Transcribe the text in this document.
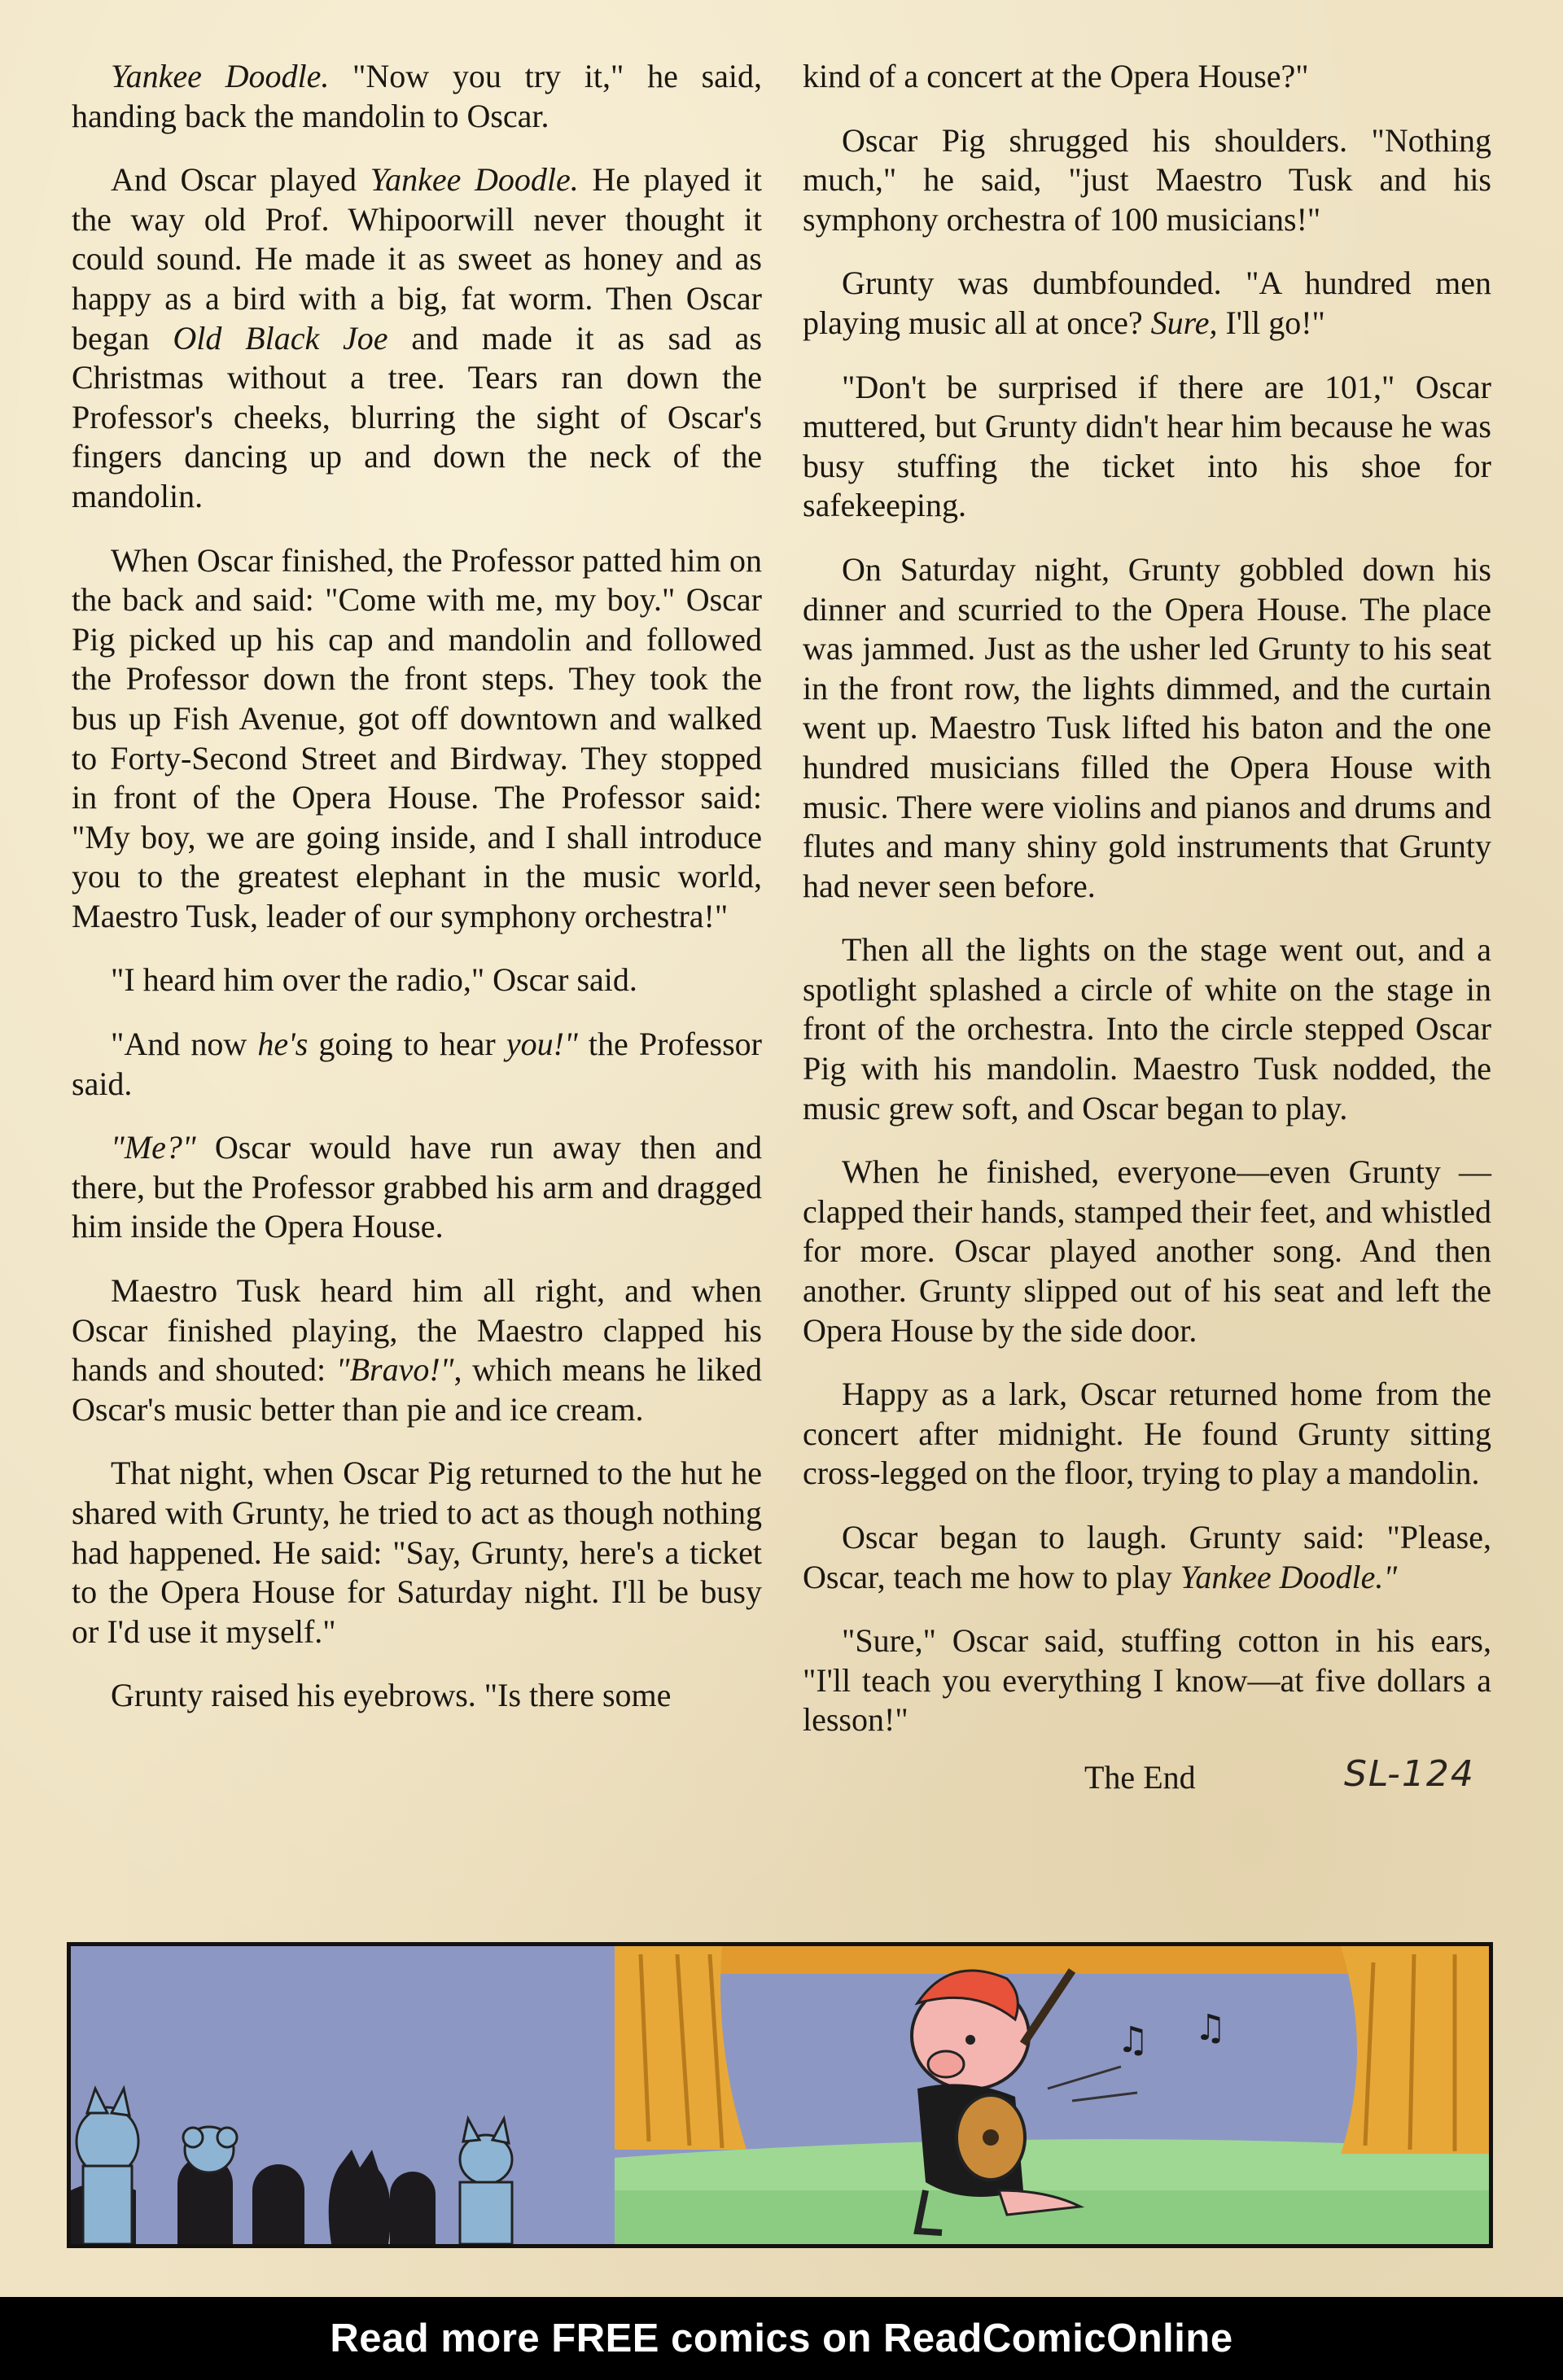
Yankee Doodle. "Now you try it," he said, handing back the mandolin to Oscar.

And Oscar played Yankee Doodle. He played it the way old Prof. Whipoorwill never thought it could sound. He made it as sweet as honey and as happy as a bird with a big, fat worm. Then Oscar began Old Black Joe and made it as sad as Christmas without a tree. Tears ran down the Professor's cheeks, blurring the sight of Oscar's fingers dancing up and down the neck of the mandolin.

When Oscar finished, the Professor patted him on the back and said: "Come with me, my boy." Oscar Pig picked up his cap and mandolin and followed the Professor down the front steps. They took the bus up Fish Avenue, got off downtown and walked to Forty-Second Street and Birdway. They stopped in front of the Opera House. The Professor said: "My boy, we are going inside, and I shall introduce you to the greatest elephant in the music world, Maestro Tusk, leader of our symphony orchestra!"

"I heard him over the radio," Oscar said.

"And now he's going to hear you!" the Professor said.

"Me?" Oscar would have run away then and there, but the Professor grabbed his arm and dragged him inside the Opera House.

Maestro Tusk heard him all right, and when Oscar finished playing, the Maestro clapped his hands and shouted: "Bravo!", which means he liked Oscar's music better than pie and ice cream.

That night, when Oscar Pig returned to the hut he shared with Grunty, he tried to act as though nothing had happened. He said: "Say, Grunty, here's a ticket to the Opera House for Saturday night. I'll be busy or I'd use it myself."

Grunty raised his eyebrows. "Is there some

kind of a concert at the Opera House?"

Oscar Pig shrugged his shoulders. "Nothing much," he said, "just Maestro Tusk and his symphony orchestra of 100 musicians!"

Grunty was dumbfounded. "A hundred men playing music all at once? Sure, I'll go!"

"Don't be surprised if there are 101," Oscar muttered, but Grunty didn't hear him because he was busy stuffing the ticket into his shoe for safekeeping.

On Saturday night, Grunty gobbled down his dinner and scurried to the Opera House. The place was jammed. Just as the usher led Grunty to his seat in the front row, the lights dimmed, and the curtain went up. Maestro Tusk lifted his baton and the one hundred musicians filled the Opera House with music. There were violins and pianos and drums and flutes and many shiny gold instruments that Grunty had never seen before.

Then all the lights on the stage went out, and a spotlight splashed a circle of white on the stage in front of the orchestra. Into the circle stepped Oscar Pig with his mandolin. Maestro Tusk nodded, the music grew soft, and Oscar began to play.

When he finished, everyone—even Grunty —clapped their hands, stamped their feet, and whistled for more. Oscar played another song. And then another. Grunty slipped out of his seat and left the Opera House by the side door.

Happy as a lark, Oscar returned home from the concert after midnight. He found Grunty sitting cross-legged on the floor, trying to play a mandolin.

Oscar began to laugh. Grunty said: "Please, Oscar, teach me how to play Yankee Doodle."

"Sure," Oscar said, stuffing cotton in his ears, "I'll teach you everything I know—at five dollars a lesson!"

The End	SL-124
♫ ♫
Read more FREE comics on ReadComicOnline
